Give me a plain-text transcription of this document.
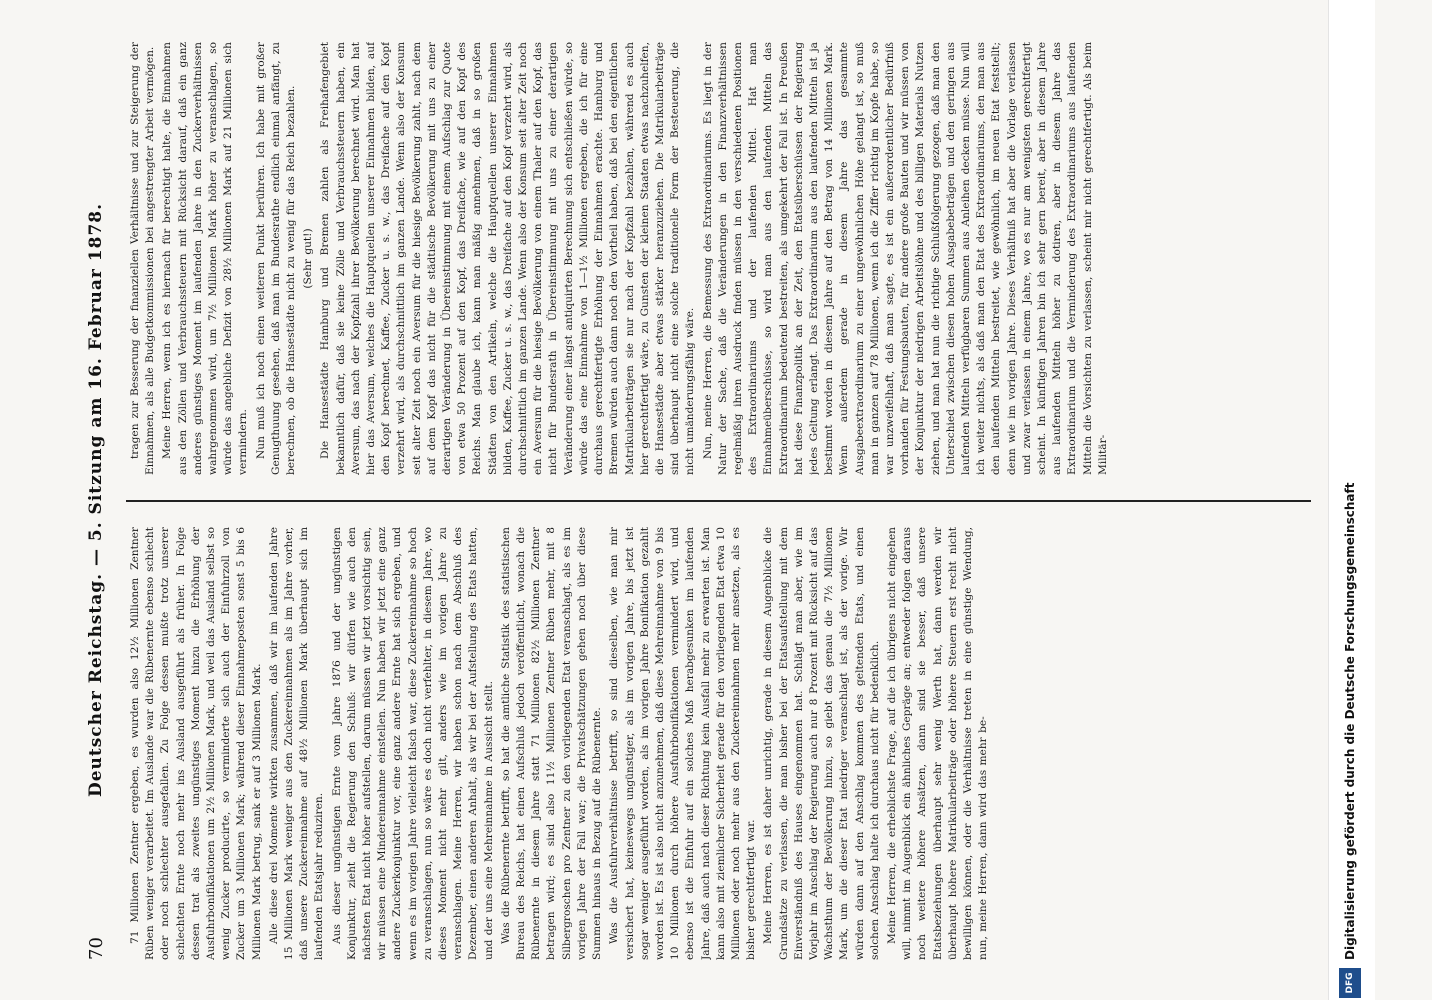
70
Deutscher Reichstag. — 5. Sitzung am 16. Februar 1878. 71 Millionen Zentner ergeben, es wurden also 12½ Millionen Zentner Rüben weniger verarbeitet. Im Auslande war die Rübenernte ebenso schlecht oder noch schlechter ausgefallen. Zu Folge dessen mußte trotz unserer schlechten Ernte noch mehr ins Ausland ausgeführt als früher. In Folge dessen trat als zweites ungünstiges Moment hinzu die Erhöhung der Ausfuhrbonifikationen um 2½ Millionen Mark, und weil das Ausland selbst so wenig Zucker producirte, so verminderte sich auch der Einfuhrzoll von Zucker um 3 Millionen Mark; während dieser Einnahmeposten sonst 5 bis 6 Millionen Mark betrug, sank er auf 3 Millionen Mark. Alle diese drei Momente wirkten zusammen, daß wir im laufenden Jahre 15 Millionen Mark weniger aus den Zuckereinnahmen als im Jahre vorher, daß unsere Zuckereinnahme auf 48½ Millionen Mark überhaupt sich im laufenden Etatsjahr reduziren. Aus dieser ungünstigen Ernte vom Jahre 1876 und der ungünstigen Konjunktur, zieht die Regierung den Schluß: wir dürfen wie auch den nächsten Etat nicht höher aufstellen, darum müssen wir jetzt vorsichtig sein, wir müssen eine Mindereinnahme einstellen. Nun haben wir jetzt eine ganz andere Zuckerkonjunktur vor, eine ganz andere Ernte hat sich ergeben, und wenn es im vorigen Jahre vielleicht falsch war, diese Zuckereinnahme so hoch zu veranschlagen, nun so wäre es doch nicht verfehlter, in diesem Jahre, wo dieses Moment nicht mehr gilt, anders wie im vorigen Jahre zu veranschlagen. Meine Herren, wir haben schon nach dem Abschluß des Dezember, einen anderen Anhalt, als wir bei der Aufstellung des Etats hatten, und der uns eine Mehreinnahme in Aussicht stellt. Was die Rübenernte betrifft, so hat die amtliche Statistik des statistischen Bureau des Reichs, hat einen Aufschluß jedoch veröffentlicht, wonach die Rübenernte in diesem Jahre statt 71 Millionen 82½ Millionen Zentner betragen wird; es sind also 11½ Millionen Zentner Rüben mehr, mit 8 Silbergroschen pro Zentner zu den vorliegenden Etat veranschlagt, als es im vorigen Jahre der Fall war; die Privatschätzungen gehen noch über diese Summen hinaus in Bezug auf die Rübenernte. Was die Ausfuhrverhältnisse betrifft, so sind dieselben, wie man mir versichert hat, keineswegs ungünstiger, als im vorigen Jahre, bis jetzt ist sogar weniger ausgeführt worden, als im vorigen Jahre Bonifikation gezahlt worden ist. Es ist also nicht anzunehmen, daß diese Mehreinnahme von 9 bis 10 Millionen durch höhere Ausfuhrbonifikationen vermindert wird, und ebenso ist die Einfuhr auf ein solches Maß herabgesunken im laufenden Jahre, daß auch nach dieser Richtung kein Ausfall mehr zu erwarten ist. Man kann also mit ziemlicher Sicherheit gerade für den vorliegenden Etat etwa 10 Millionen oder noch mehr aus den Zuckereinnahmen mehr ansetzen, als es bisher gerechtfertigt war. Meine Herren, es ist daher unrichtig, gerade in diesem Augenblicke die Grundsätze zu verlassen, die man bisher bei der Etatsaufstellung mit dem Einverständniß des Hauses eingenommen hat. Schlägt man aber, wie im Vorjahr im Anschlag der Regierung auch nur 8 Prozent mit Rücksicht auf das Wachsthum der Bevölkerung hinzu, so giebt das genau die 7½ Millionen Mark, um die dieser Etat niedriger veranschlagt ist, als der vorige. Wir würden dann auf den Anschlag kommen des geltenden Etats, und einen solchen Anschlag halte ich durchaus nicht für bedenklich. Meine Herren, die erheblichste Frage, auf die ich übrigens nicht eingehen will, nimmt im Augenblick ein ähnliches Gepräge an; entweder folgen daraus noch weitere höhere Ansätzen, dann sind sie besser, daß unsere Etatsbeziehungen überhaupt sehr wenig Werth hat, dann werden wir überhaupt höhere Matrikularbeiträge oder höhere Steuern erst recht nicht bewilligen können, oder die Verhältnisse treten in eine günstige Wendung, nun, meine Herren, dann wird das mehr be-

tragen zur Besserung der finanziellen Verhältnisse und zur Steigerung der Einnahmen, als alle Budgetkommissionen bei angestrengter Arbeit vermögen. Meine Herren, wenn ich es hiernach für berechtigt halte, die Einnahmen aus den Zöllen und Verbrauchssteuern mit Rücksicht darauf, daß ein ganz anderes günstiges Moment im laufenden Jahre in den Zuckerverhältnissen wahrgenommen wird, um 7½ Millionen Mark höher zu veranschlagen, so würde das angebliche Defizit von 28½ Millionen Mark auf 21 Millionen sich vermindern. Nun muß ich noch einen weiteren Punkt berühren. Ich habe mit großer Genugthuung gesehen, daß man im Bundesrathe endlich einmal anfängt, zu berechnen, ob die Hansestädte nicht zu wenig für das Reich bezahlen. (Sehr gut!) Die Hansestädte Hamburg und Bremen zahlen als Freihafengebiet bekanntlich dafür, daß sie keine Zölle und Verbrauchssteuern haben, ein Aversum, das nach der Kopfzahl ihrer Bevölkerung berechnet wird. Man hat hier das Aversum, welches die Hauptquellen unserer Einnahmen bilden, auf den Kopf berechnet, Kaffee, Zucker u. s. w., das Dreifache auf den Kopf verzehrt wird, als durchschnittlich im ganzen Lande. Wenn also der Konsum seit alter Zeit noch ein Aversum für die hiesige Bevölkerung zahlt, nach dem auf dem Kopf das nicht für die städtische Bevölkerung mit uns zu einer derartigen Veränderung in Übereinstimmung mit einem Aufschlag zur Quote von etwa 50 Prozent auf den Kopf, das Dreifache, wie auf den Kopf des Reichs. Man glaube ich, kann man mäßig annehmen, daß in so großen Städten von den Artikeln, welche die Hauptquellen unserer Einnahmen bilden, Kaffee, Zucker u. s. w., das Dreifache auf den Kopf verzehrt wird, als durchschnittlich im ganzen Lande. Wenn also der Konsum seit alter Zeit noch ein Aversum für die hiesige Bevölkerung von einem Thaler auf den Kopf, das nicht für Bundesrath in Übereinstimmung mit uns zu einer derartigen Veränderung einer längst antiquirten Berechnung sich entschließen würde, so würde das eine Einnahme von 1—1½ Millionen ergeben, die ich für eine durchaus gerechtfertigte Erhöhung der Einnahmen erachte. Hamburg und Bremen würden auch dann noch den Vortheil haben, daß bei den eigentlichen Matrikularbeiträgen sie nur nach der Kopfzahl bezahlen, während es auch hier gerechtfertigt wäre, zu Gunsten der kleinen Staaten etwas nachzuhelfen, die Hansestädte aber etwas stärker heranzuziehen. Die Matrikularbeiträge sind überhaupt nicht eine solche traditionelle Form der Besteuerung, die nicht umänderungsfähig wäre. Nun, meine Herren, die Bemessung des Extraordinariums. Es liegt in der Natur der Sache, daß die Veränderungen in den Finanzverhältnissen regelmäßig ihren Ausdruck finden müssen in den verschiedenen Positionen des Extraordinariums und der laufenden Mittel. Hat man Einnahmeüberschüsse, so wird man aus den laufenden Mitteln das Extraordinarium bedeutend bestreiten, als umgekehrt der Fall ist. In Preußen hat diese Finanzpolitik an der Zeit, den Etatsüberschüssen der Regierung jedes Geltung erlangt. Das Extraordinarium aus den laufenden Mitteln ist ja bestimmt worden in diesem Jahre auf den Betrag von 14 Millionen Mark. Wenn außerdem gerade in diesem Jahre das gesammte Ausgabeextraordinarium zu einer ungewöhnlichen Höhe gelangt ist, so muß man in ganzen auf 78 Millionen, wenn ich die Ziffer richtig im Kopfe habe, so war unzweifelhaft, daß man sagte, es ist ein außerordentlicher Bedürfniß vorhanden für Festungsbauten, für andere große Bauten und wir müssen von der Konjunktur der niedrigen Arbeitslöhne und des billigen Materials Nutzen ziehen, und man hat nun die richtige Schlußfolgerung gezogen, daß man den Unterschied zwischen diesen hohen Ausgabebeträgen und den geringen aus laufenden Mitteln verfügbaren Summen aus Anleihen decken müsse. Nun will ich weiter nichts, als daß man den Etat des Extraordinariums, den man aus den laufenden Mitteln bestreitet, wie gewöhnlich, im neuen Etat feststellt; denn wie im vorigen Jahre. Dieses Verhältniß hat aber die Vorlage verlassen und zwar verlassen in einem Jahre, wo es nur am wenigsten gerechtfertigt scheint. In künftigen Jahren bin ich sehr gern bereit, aber in diesem Jahre aus laufenden Mitteln höher zu dotiren, aber in diesem Jahre das Extraordinarium und die Verminderung des Extraordinariums aus laufenden Mitteln die Vorsichten zu verlassen, scheint mir nicht gerechtfertigt. Als beim Militär-

DFG
Digitalisierung gefördert durch die Deutsche Forschungsgemeinschaft
